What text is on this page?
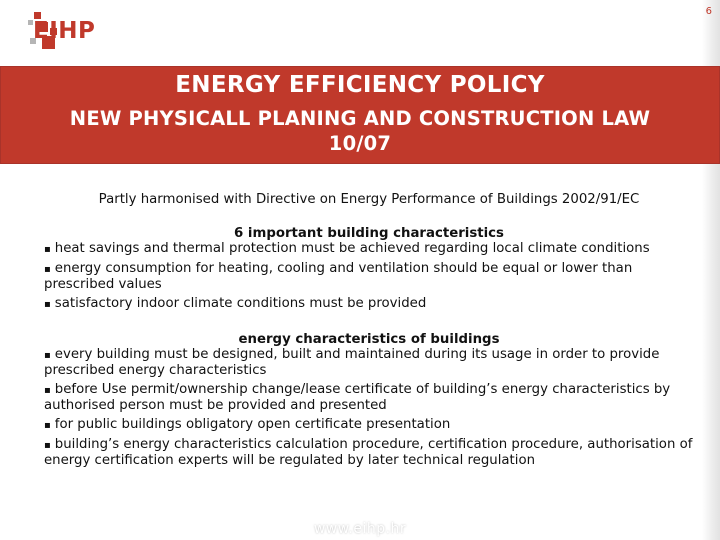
6
EIHP
ENERGY EFFICIENCY POLICY
NEW PHYSICALL PLANING AND CONSTRUCTION LAW 10/07

Partly harmonised with Directive on Energy Performance of Buildings 2002/91/EC

6 important building characteristics

▪ heat savings and thermal protection must be achieved regarding local climate conditions

▪ energy consumption for heating, cooling and ventilation should be equal or lower than prescribed values

▪ satisfactory indoor climate conditions must be provided

energy characteristics of buildings

▪ every building must be designed, built and maintained during its usage in order to provide prescribed energy characteristics

▪ before Use permit/ownership change/lease certificate of building’s energy characteristics by authorised person must be provided and presented

▪ for public buildings obligatory open certificate presentation

▪ building’s energy characteristics calculation procedure, certification procedure, authorisation of energy certification experts will be regulated by later technical regulation

www.eihp.hr
